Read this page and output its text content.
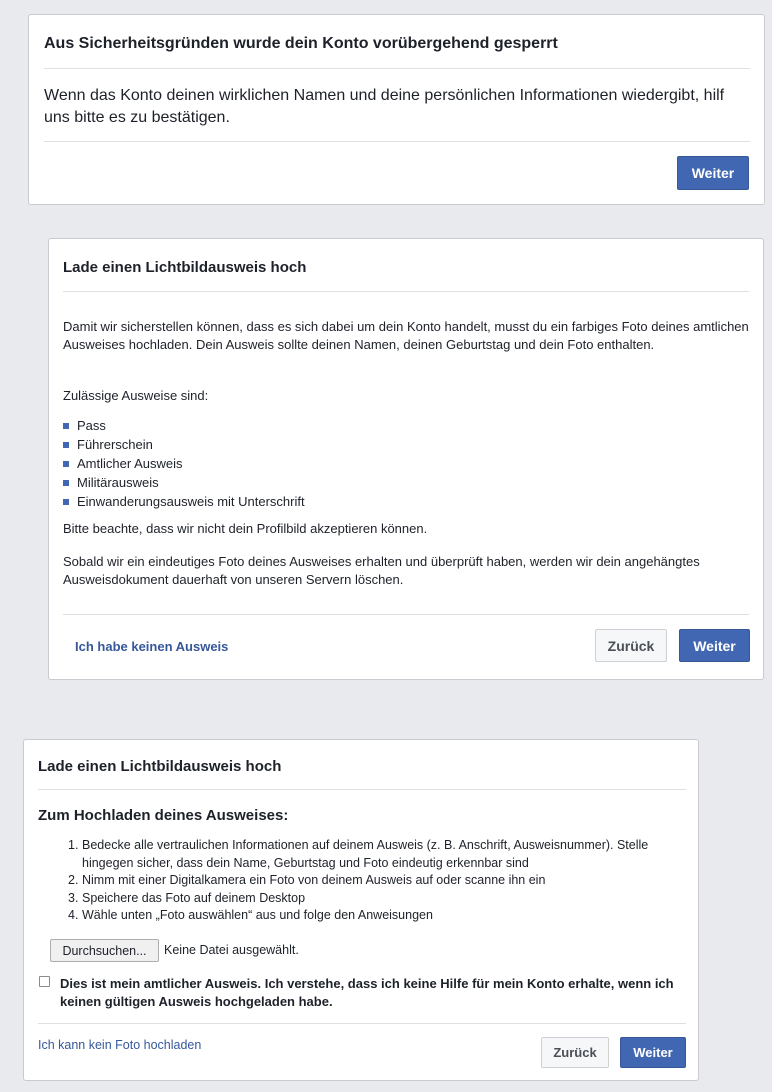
Aus Sicherheitsgründen wurde dein Konto vorübergehend gesperrt
Wenn das Konto deinen wirklichen Namen und deine persönlichen Informationen wiedergibt, hilf uns bitte es zu bestätigen.
Weiter
Lade einen Lichtbildausweis hoch
Damit wir sicherstellen können, dass es sich dabei um dein Konto handelt, musst du ein farbiges Foto deines amtlichen Ausweises hochladen. Dein Ausweis sollte deinen Namen, deinen Geburtstag und dein Foto enthalten.
Zulässige Ausweise sind:
Pass
Führerschein
Amtlicher Ausweis
Militärausweis
Einwanderungsausweis mit Unterschrift
Bitte beachte, dass wir nicht dein Profilbild akzeptieren können.
Sobald wir ein eindeutiges Foto deines Ausweises erhalten und überprüft haben, werden wir dein angehängtes Ausweisdokument dauerhaft von unseren Servern löschen.
Ich habe keinen Ausweis	Zurück	Weiter
Lade einen Lichtbildausweis hoch
Zum Hochladen deines Ausweises:
1. Bedecke alle vertraulichen Informationen auf deinem Ausweis (z. B. Anschrift, Ausweisnummer). Stelle hingegen sicher, dass dein Name, Geburtstag und Foto eindeutig erkennbar sind
2. Nimm mit einer Digitalkamera ein Foto von deinem Ausweis auf oder scanne ihn ein
3. Speichere das Foto auf deinem Desktop
4. Wähle unten „Foto auswählen“ aus und folge den Anweisungen
Durchsuchen...	Keine Datei ausgewählt.
Dies ist mein amtlicher Ausweis. Ich verstehe, dass ich keine Hilfe für mein Konto erhalte, wenn ich keinen gültigen Ausweis hochgeladen habe.
Ich kann kein Foto hochladen	Zurück	Weiter
